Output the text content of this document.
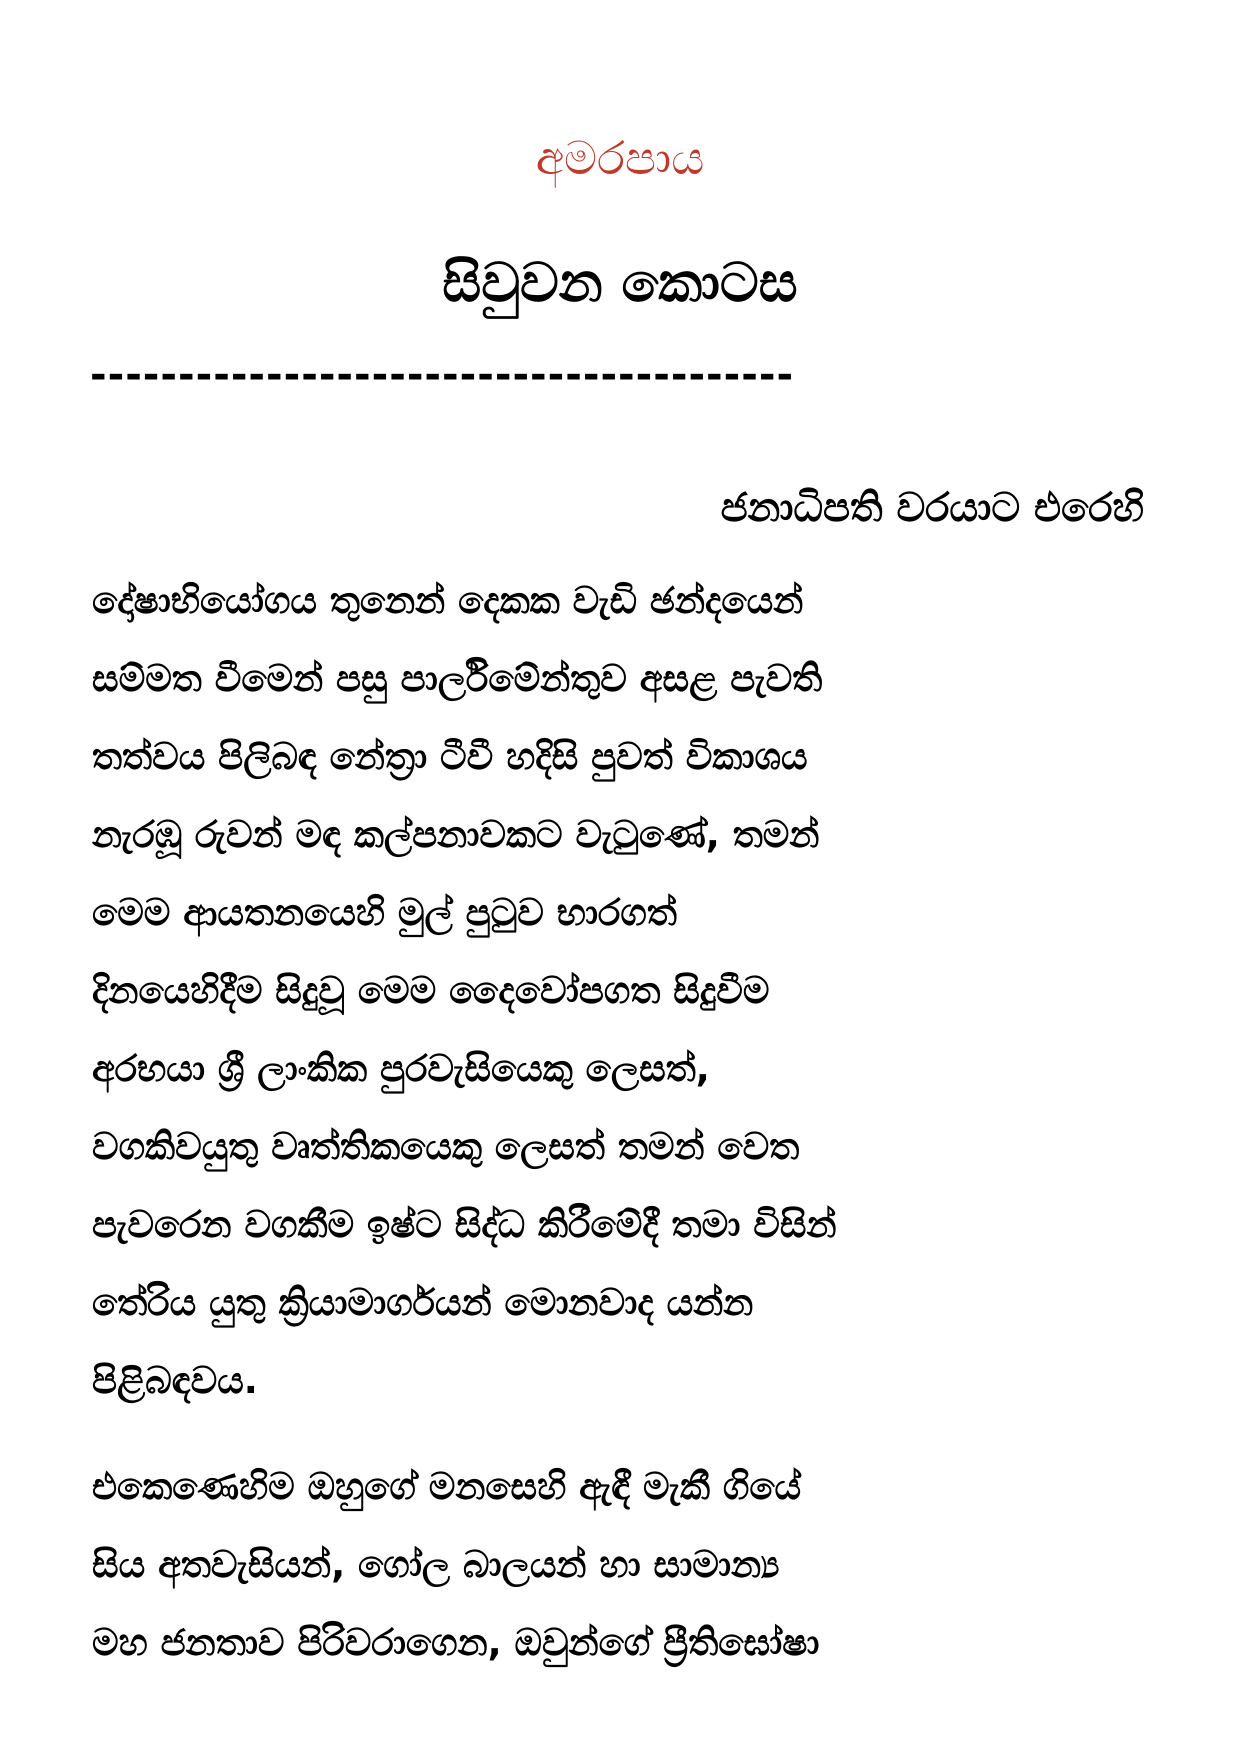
අමරපාය
සිවුවන කොටස
----------------------------------------
ජනාධිපති වරයාට එරෙහි
දෝෂාභියෝගය තුනෙන් දෙකක වැඩි ඡන්දයෙන්
සම්මත වීමෙන් පසු පාර්ලිමේන්තුව අසළ පැවති
තත්වය පිලිබඳ නේත්‍රා ටීවී හදිසි පුවත් විකාශය
නැරඹූ රුවන් මඳ කල්පනාවකට වැටුණේ, තමන්
මෙම ආයතනයෙහි මුල් පුටුව භාරගත්
දිනයෙහිදීම සිදුවූ මෙම දෛවෝපගත සිදුවීම
අරභයා ශ්‍රී ලාංකික පුරවැසියෙකු ලෙසත්,
වගකිවයුතු වෘත්තිකයෙකු ලෙසත් තමන් වෙත
පැවරෙන වගකීම ඉෂ්ට සිද්ධ කිරීමේදී තමා විසින්
තේරිය යුතු ක්‍රියාමාර්ගයන් මොනවාද යන්න
පිළිබඳවය.
එකෙණෙහිම ඔහුගේ මනසෙහි ඇඳී මැකී ගියේ
සිය අතවැසියන්, ගෝල බාලයන් හා සාමාන්‍ය
මහ ජනතාව පිරිවරාගෙන, ඔවුන්ගේ ප්‍රීතිඝෝෂා
